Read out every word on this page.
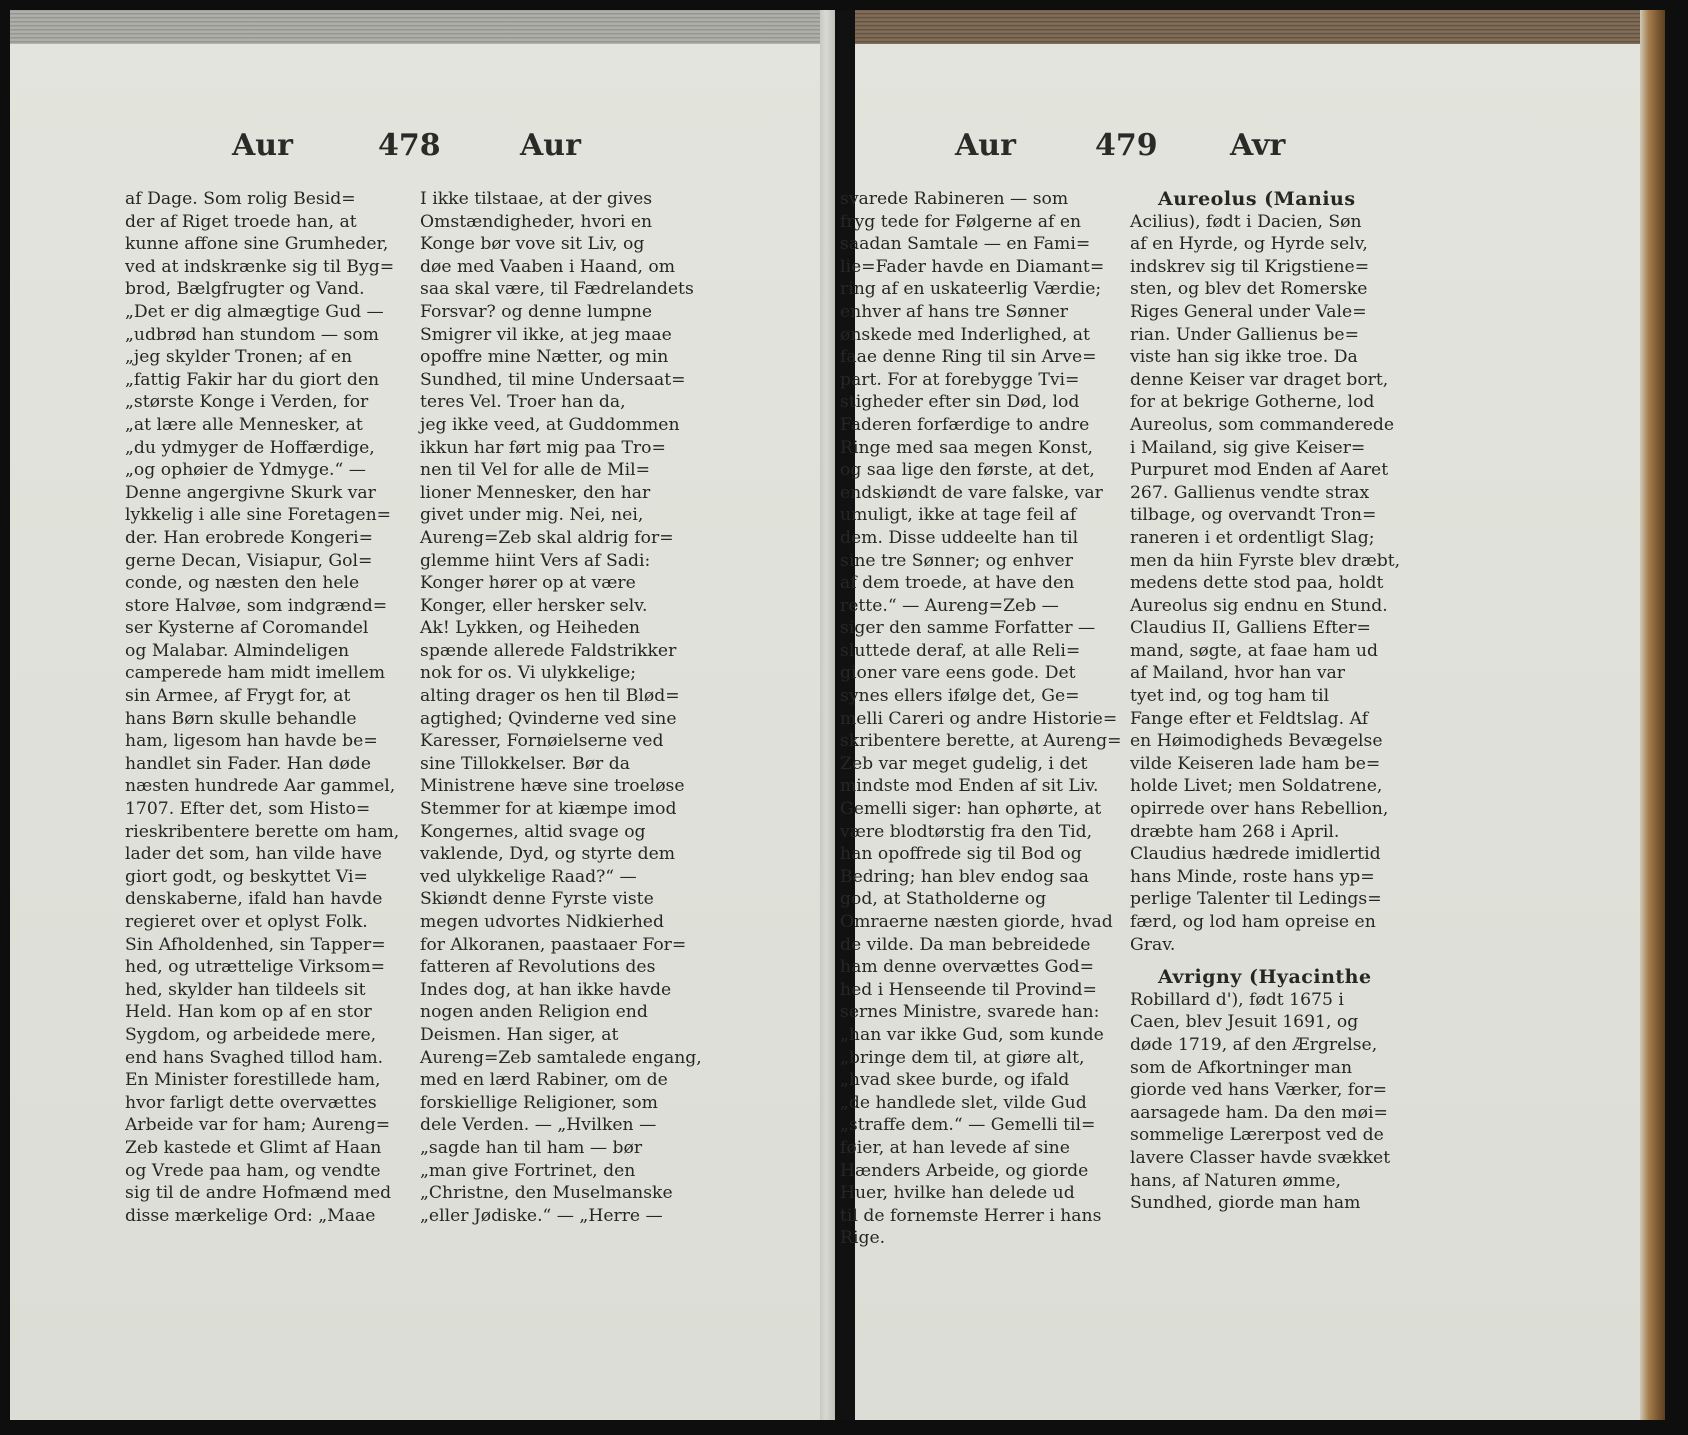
Aur	478	Aur
af Dage. Som rolig Besid=
der af Riget troede han, at
kunne affone sine Grumheder,
ved at indskrænke sig til Byg=
brod, Bælgfrugter og Vand.
„Det er dig almægtige Gud —
„udbrød han stundom — som
„jeg skylder Tronen; af en
„fattig Fakir har du giort den
„største Konge i Verden, for
„at lære alle Mennesker, at
„du ydmyger de Hoffærdige,
„og ophøier de Ydmyge.“ —
Denne angergivne Skurk var
lykkelig i alle sine Foretagen=
der. Han erobrede Kongeri=
gerne Decan, Visiapur, Gol=
conde, og næsten den hele
store Halvøe, som indgrænd=
ser Kysterne af Coromandel
og Malabar. Almindeligen
camperede ham midt imellem
sin Armee, af Frygt for, at
hans Børn skulle behandle
ham, ligesom han havde be=
handlet sin Fader. Han døde
næsten hundrede Aar gammel,
1707. Efter det, som Histo=
rieskribentere berette om ham,
lader det som, han vilde have
giort godt, og beskyttet Vi=
denskaberne, ifald han havde
regieret over et oplyst Folk.
Sin Afholdenhed, sin Tapper=
hed, og utrættelige Virksom=
hed, skylder han tildeels sit
Held. Han kom op af en stor
Sygdom, og arbeidede mere,
end hans Svaghed tillod ham.
En Minister forestillede ham,
hvor farligt dette overvættes
Arbeide var for ham; Aureng=
Zeb kastede et Glimt af Haan
og Vrede paa ham, og vendte
sig til de andre Hofmænd med
disse mærkelige Ord: „Maae
I ikke tilstaae, at der gives
Omstændigheder, hvori en
Konge bør vove sit Liv, og
døe med Vaaben i Haand, om
saa skal være, til Fædrelandets
Forsvar? og denne lumpne
Smigrer vil ikke, at jeg maae
opoffre mine Nætter, og min
Sundhed, til mine Undersaat=
teres Vel. Troer han da,
jeg ikke veed, at Guddommen
ikkun har ført mig paa Tro=
nen til Vel for alle de Mil=
lioner Mennesker, den har
givet under mig. Nei, nei,
Aureng=Zeb skal aldrig for=
glemme hiint Vers af Sadi:
Konger hører op at være
Konger, eller hersker selv.
Ak! Lykken, og Heiheden
spænde allerede Faldstrikker
nok for os. Vi ulykkelige;
alting drager os hen til Blød=
agtighed; Qvinderne ved sine
Karesser, Fornøielserne ved
sine Tillokkelser. Bør da
Ministrene hæve sine troeløse
Stemmer for at kiæmpe imod
Kongernes, altid svage og
vaklende, Dyd, og styrte dem
ved ulykkelige Raad?“ —
Skiøndt denne Fyrste viste
megen udvortes Nidkierhed
for Alkoranen, paastaaer For=
fatteren af Revolutions des
Indes dog, at han ikke havde
nogen anden Religion end
Deismen. Han siger, at
Aureng=Zeb samtalede engang,
med en lærd Rabiner, om de
forskiellige Religioner, som
dele Verden. — „Hvilken —
„sagde han til ham — bør
„man give Fortrinet, den
„Christne, den Muselmanske
„eller Jødiske.“ — „Herre —
Aur	479 Avr
svarede Rabineren — som
fryg tede for Følgerne af en
saadan Samtale — en Fami=
lie=Fader havde en Diamant=
ring af en uskateerlig Værdie;
enhver af hans tre Sønner
ønskede med Inderlighed, at
faae denne Ring til sin Arve=
part. For at forebygge Tvi=
stigheder efter sin Død, lod
Faderen forfærdige to andre
Ringe med saa megen Konst,
og saa lige den første, at det,
endskiøndt de vare falske, var
umuligt, ikke at tage feil af
dem. Disse uddeelte han til
sine tre Sønner; og enhver
af dem troede, at have den
rette.“ — Aureng=Zeb —
siger den samme Forfatter —
sluttede deraf, at alle Reli=
gioner vare eens gode. Det
synes ellers ifølge det, Ge=
melli Careri og andre Historie=
skribentere berette, at Aureng=
Zeb var meget gudelig, i det
mindste mod Enden af sit Liv.
Gemelli siger: han ophørte, at
være blodtørstig fra den Tid,
han opoffrede sig til Bod og
Bedring; han blev endog saa
god, at Statholderne og
Omraerne næsten giorde, hvad
de vilde. Da man bebreidede
ham denne overvættes God=
hed i Henseende til Provind=
sernes Ministre, svarede han:
„han var ikke Gud, som kunde
„bringe dem til, at giøre alt,
„hvad skee burde, og ifald
„de handlede slet, vilde Gud
„straffe dem.“ — Gemelli til=
føier, at han levede af sine
Hænders Arbeide, og giorde
Huer, hvilke han delede ud
til de fornemste Herrer i hans
Rige.
Aureolus (Manius
Acilius), født i Dacien, Søn
af en Hyrde, og Hyrde selv,
indskrev sig til Krigstiene=
sten, og blev det Romerske
Riges General under Vale=
rian. Under Gallienus be=
viste han sig ikke troe. Da
denne Keiser var draget bort,
for at bekrige Gotherne, lod
Aureolus, som commanderede
i Mailand, sig give Keiser=
Purpuret mod Enden af Aaret
267. Gallienus vendte strax
tilbage, og overvandt Tron=
raneren i et ordentligt Slag;
men da hiin Fyrste blev dræbt,
medens dette stod paa, holdt
Aureolus sig endnu en Stund.
Claudius II, Galliens Efter=
mand, søgte, at faae ham ud
af Mailand, hvor han var
tyet ind, og tog ham til
Fange efter et Feldtslag. Af
en Høimodigheds Bevægelse
vilde Keiseren lade ham be=
holde Livet; men Soldatrene,
opirrede over hans Rebellion,
dræbte ham 268 i April.
Claudius hædrede imidlertid
hans Minde, roste hans yp=
perlige Talenter til Ledings=
færd, og lod ham opreise en
Grav.
Avrigny (Hyacinthe
Robillard d'), født 1675 i
Caen, blev Jesuit 1691, og
døde 1719, af den Ærgrelse,
som de Afkortninger man
giorde ved hans Værker, for=
aarsagede ham. Da den møi=
sommelige Lærerpost ved de
lavere Classer havde svækket
hans, af Naturen ømme,
Sundhed, giorde man ham
